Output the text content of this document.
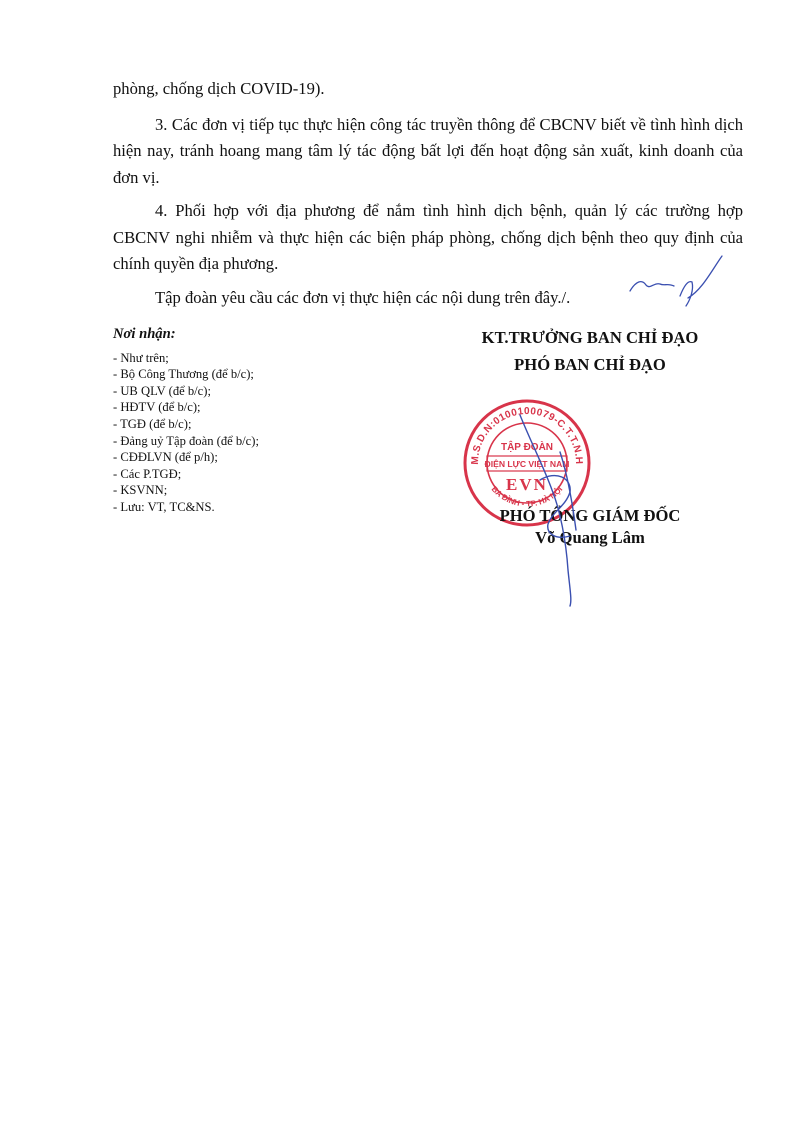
phòng, chống dịch COVID-19).

3. Các đơn vị tiếp tục thực hiện công tác truyền thông để CBCNV biết về tình hình dịch hiện nay, tránh hoang mang tâm lý tác động bất lợi đến hoạt động sản xuất, kinh doanh của đơn vị.

4. Phối hợp với địa phương để nắm tình hình dịch bệnh, quản lý các trường hợp CBCNV nghi nhiễm và thực hiện các biện pháp phòng, chống dịch bệnh theo quy định của chính quyền địa phương.

Tập đoàn yêu cầu các đơn vị thực hiện các nội dung trên đây./.

Nơi nhận:
- Như trên;
- Bộ Công Thương (để b/c);
- UB QLV (để b/c);
- HĐTV (để b/c);
- TGĐ (để b/c);
- Đảng uỷ Tập đoàn (để b/c);
- CĐĐLVN (để p/h);
- Các P.TGĐ;
- KSVNN;
- Lưu: VT, TC&NS.
KT.TRƯỞNG BAN CHỈ ĐẠO
PHÓ BAN CHỈ ĐẠO
M.S.D.N:0100100079-C.T.T.N.H
BA ĐÌNH - TP. HÀ NỘI
TẬP ĐOÀN
ĐIỆN LỰC VIỆT NAM
EVN
PHÓ TỔNG GIÁM ĐỐC
Võ Quang Lâm
